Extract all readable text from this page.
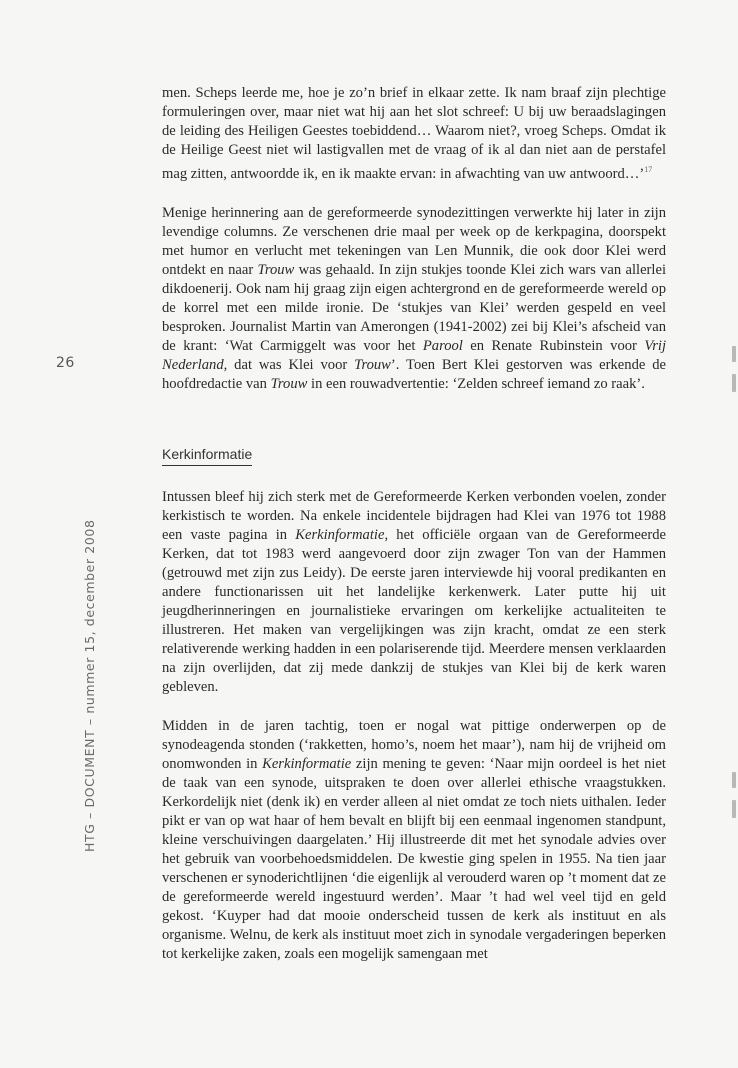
26
HTG – DOCUMENT – nummer 15, december 2008

men. Scheps leerde me, hoe je zo’n brief in elkaar zette. Ik nam braaf zijn plechtige formuleringen over, maar niet wat hij aan het slot schreef: U bij uw beraadslagingen de leiding des Heiligen Geestes toebiddend… Waarom niet?, vroeg Scheps. Omdat ik de Heilige Geest niet wil lastigvallen met de vraag of ik al dan niet aan de perstafel mag zitten, antwoordde ik, en ik maakte ervan: in afwachting van uw antwoord…’$^{17}$

Menige herinnering aan de gereformeerde synodezittingen verwerkte hij later in zijn levendige columns. Ze verschenen drie maal per week op de kerkpagina, doorspekt met humor en verlucht met tekeningen van Len Munnik, die ook door Klei werd ontdekt en naar Trouw was gehaald. In zijn stukjes toonde Klei zich wars van allerlei dikdoenerij. Ook nam hij graag zijn eigen achtergrond en de gereformeerde wereld op de korrel met een milde ironie. De ‘stukjes van Klei’ werden gespeld en veel besproken. Journalist Martin van Amerongen (1941-2002) zei bij Klei’s afscheid van de krant: ‘Wat Carmiggelt was voor het Parool en Renate Rubinstein voor Vrij Nederland, dat was Klei voor Trouw’. Toen Bert Klei gestorven was erkende de hoofdredactie van Trouw in een rouwadvertentie: ‘Zelden schreef iemand zo raak’.

Kerkinformatie

Intussen bleef hij zich sterk met de Gereformeerde Kerken verbonden voelen, zonder kerkistisch te worden. Na enkele incidentele bijdragen had Klei van 1976 tot 1988 een vaste pagina in Kerkinformatie, het officiële orgaan van de Gereformeerde Kerken, dat tot 1983 werd aangevoerd door zijn zwager Ton van der Hammen (getrouwd met zijn zus Leidy). De eerste jaren interviewde hij vooral predikanten en andere functionarissen uit het landelijke kerkenwerk. Later putte hij uit jeugdherinneringen en journalistieke ervaringen om kerkelijke actualiteiten te illustreren. Het maken van vergelijkingen was zijn kracht, omdat ze een sterk relativerende werking hadden in een polariserende tijd. Meerdere mensen verklaarden na zijn overlijden, dat zij mede dankzij de stukjes van Klei bij de kerk waren gebleven.

Midden in de jaren tachtig, toen er nogal wat pittige onderwerpen op de synodeagenda stonden (‘rakketten, homo’s, noem het maar’), nam hij de vrijheid om onomwonden in Kerkinformatie zijn mening te geven: ‘Naar mijn oordeel is het niet de taak van een synode, uitspraken te doen over allerlei ethische vraagstukken. Kerkordelijk niet (denk ik) en verder alleen al niet omdat ze toch niets uithalen. Ieder pikt er van op wat haar of hem bevalt en blijft bij een eenmaal ingenomen standpunt, kleine verschuivingen daargelaten.’ Hij illustreerde dit met het synodale advies over het gebruik van voorbehoedsmiddelen. De kwestie ging spelen in 1955. Na tien jaar verschenen er synoderichtlijnen ‘die eigenlijk al verouderd waren op ’t moment dat ze de gereformeerde wereld ingestuurd werden’. Maar ’t had wel veel tijd en geld gekost. ‘Kuyper had dat mooie onderscheid tussen de kerk als instituut en als organisme. Welnu, de kerk als instituut moet zich in synodale vergaderingen beperken tot kerkelijke zaken, zoals een mogelijk samengaan met
